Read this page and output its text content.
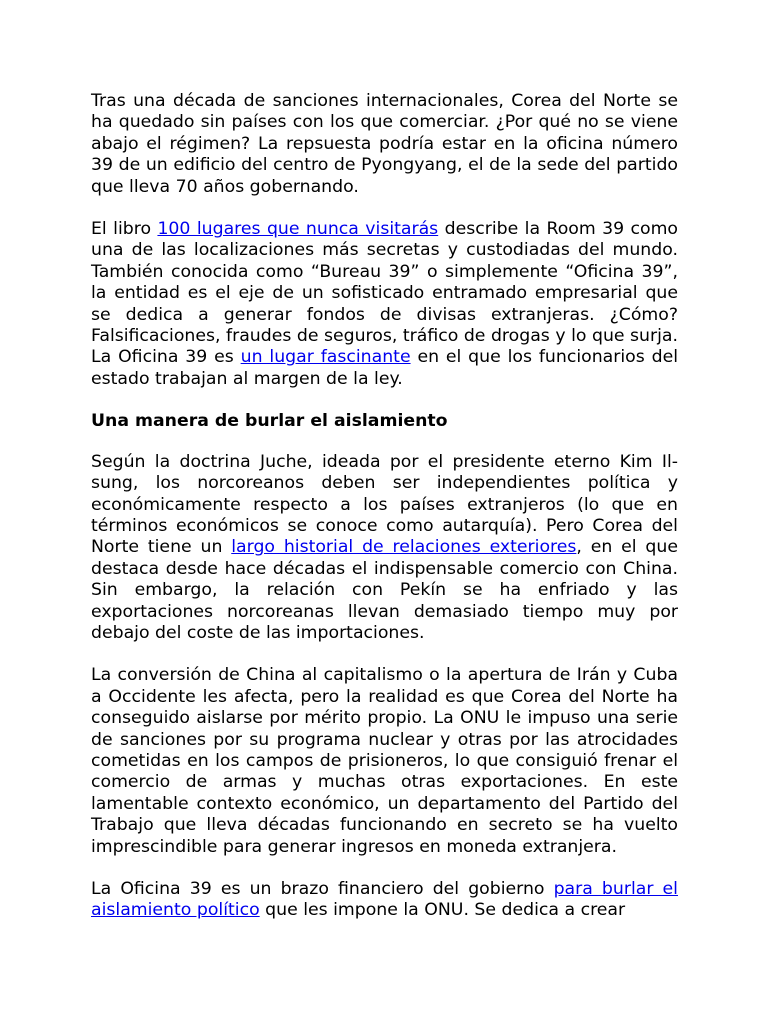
Tras una década de sanciones internacionales, Corea del Norte se ha quedado sin países con los que comerciar. ¿Por qué no se viene abajo el régimen? La repsuesta podría estar en la oficina número 39 de un edificio del centro de Pyongyang, el de la sede del partido que lleva 70 años gobernando.

El libro 100 lugares que nunca visitarás describe la Room 39 como una de las localizaciones más secretas y custodiadas del mundo. También conocida como “Bureau 39” o simplemente “Oficina 39”, la entidad es el eje de un sofisticado entramado empresarial que se dedica a generar fondos de divisas extranjeras. ¿Cómo? Falsificaciones, fraudes de seguros, tráfico de drogas y lo que surja. La Oficina 39 es un lugar fascinante en el que los funcionarios del estado trabajan al margen de la ley.

Una manera de burlar el aislamiento

Según la doctrina Juche, ideada por el presidente eterno Kim Il-sung, los norcoreanos deben ser independientes política y económicamente respecto a los países extranjeros (lo que en términos económicos se conoce como autarquía). Pero Corea del Norte tiene un largo historial de relaciones exteriores, en el que destaca desde hace décadas el indispensable comercio con China. Sin embargo, la relación con Pekín se ha enfriado y las exportaciones norcoreanas llevan demasiado tiempo muy por debajo del coste de las importaciones.

La conversión de China al capitalismo o la apertura de Irán y Cuba a Occidente les afecta, pero la realidad es que Corea del Norte ha conseguido aislarse por mérito propio. La ONU le impuso una serie de sanciones por su programa nuclear y otras por las atrocidades cometidas en los campos de prisioneros, lo que consiguió frenar el comercio de armas y muchas otras exportaciones. En este lamentable contexto económico, un departamento del Partido del Trabajo que lleva décadas funcionando en secreto se ha vuelto imprescindible para generar ingresos en moneda extranjera.

La Oficina 39 es un brazo financiero del gobierno para burlar el aislamiento político que les impone la ONU. Se dedica a crear
